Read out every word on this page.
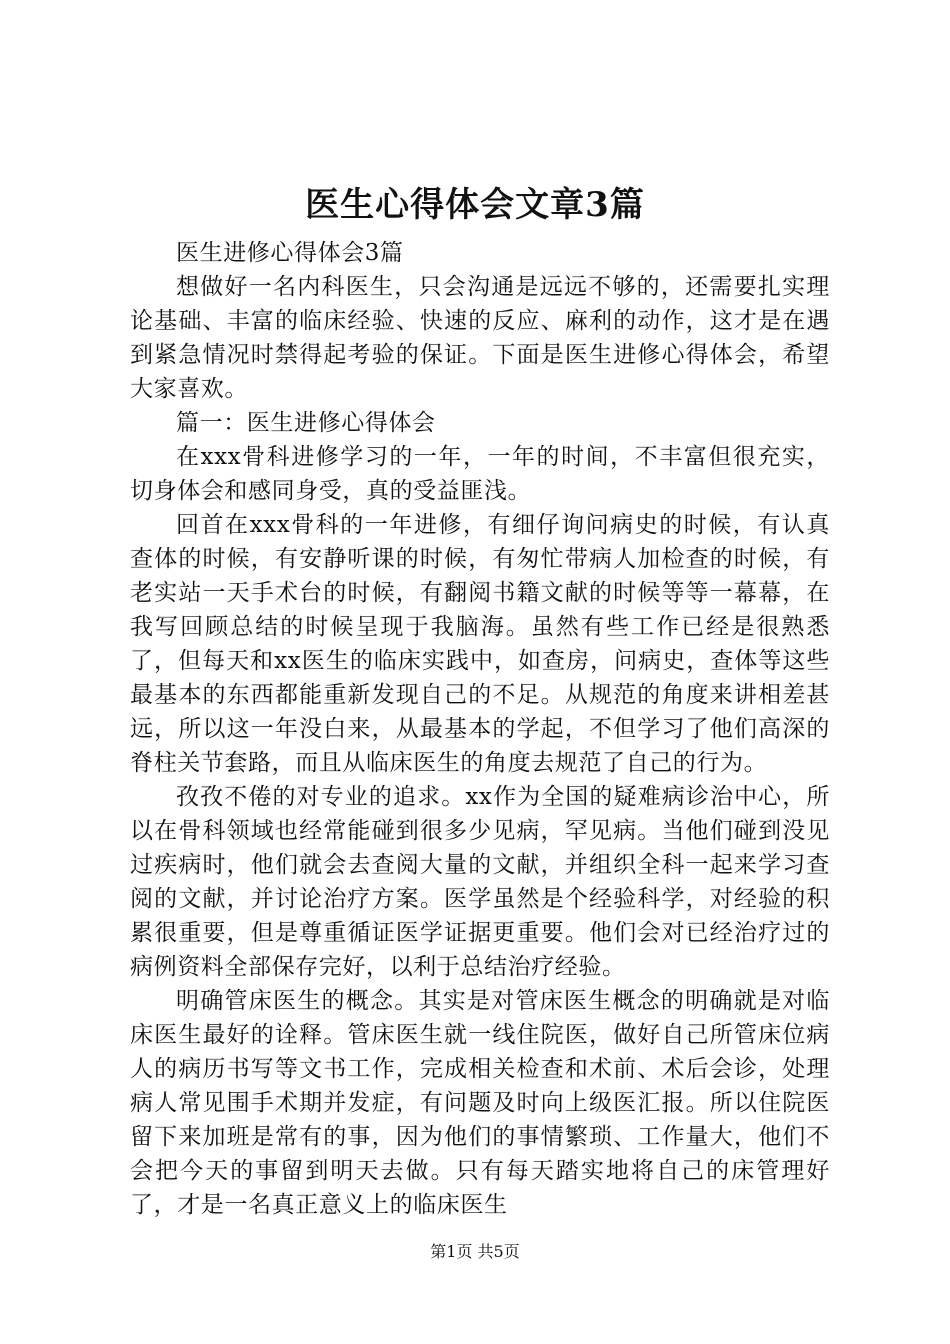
医生心得体会文章3篇

医生进修心得体会3篇

想做好一名内科医生，只会沟通是远远不够的，还需要扎实理论基础、丰富的临床经验、快速的反应、麻利的动作，这才是在遇到紧急情况时禁得起考验的保证。下面是医生进修心得体会，希望大家喜欢。

篇一：医生进修心得体会

在xxx骨科进修学习的一年，一年的时间，不丰富但很充实，切身体会和感同身受，真的受益匪浅。

回首在xxx骨科的一年进修，有细仔询问病史的时候，有认真查体的时候，有安静听课的时候，有匆忙带病人加检查的时候，有老实站一天手术台的时候，有翻阅书籍文献的时候等等一幕幕，在我写回顾总结的时候呈现于我脑海。虽然有些工作已经是很熟悉了，但每天和xx医生的临床实践中，如查房，问病史，查体等这些最基本的东西都能重新发现自己的不足。从规范的角度来讲相差甚远，所以这一年没白来，从最基本的学起，不但学习了他们高深的脊柱关节套路，而且从临床医生的角度去规范了自己的行为。

孜孜不倦的对专业的追求。xx作为全国的疑难病诊治中心，所以在骨科领域也经常能碰到很多少见病，罕见病。当他们碰到没见过疾病时，他们就会去查阅大量的文献，并组织全科一起来学习查阅的文献，并讨论治疗方案。医学虽然是个经验科学，对经验的积累很重要，但是尊重循证医学证据更重要。他们会对已经治疗过的病例资料全部保存完好，以利于总结治疗经验。

明确管床医生的概念。其实是对管床医生概念的明确就是对临床医生最好的诠释。管床医生就一线住院医，做好自己所管床位病人的病历书写等文书工作，完成相关检查和术前、术后会诊，处理病人常见围手术期并发症，有问题及时向上级医汇报。所以住院医留下来加班是常有的事，因为他们的事情繁琐、工作量大，他们不会把今天的事留到明天去做。只有每天踏实地将自己的床管理好了，才是一名真正意义上的临床医生

第1页 共5页
